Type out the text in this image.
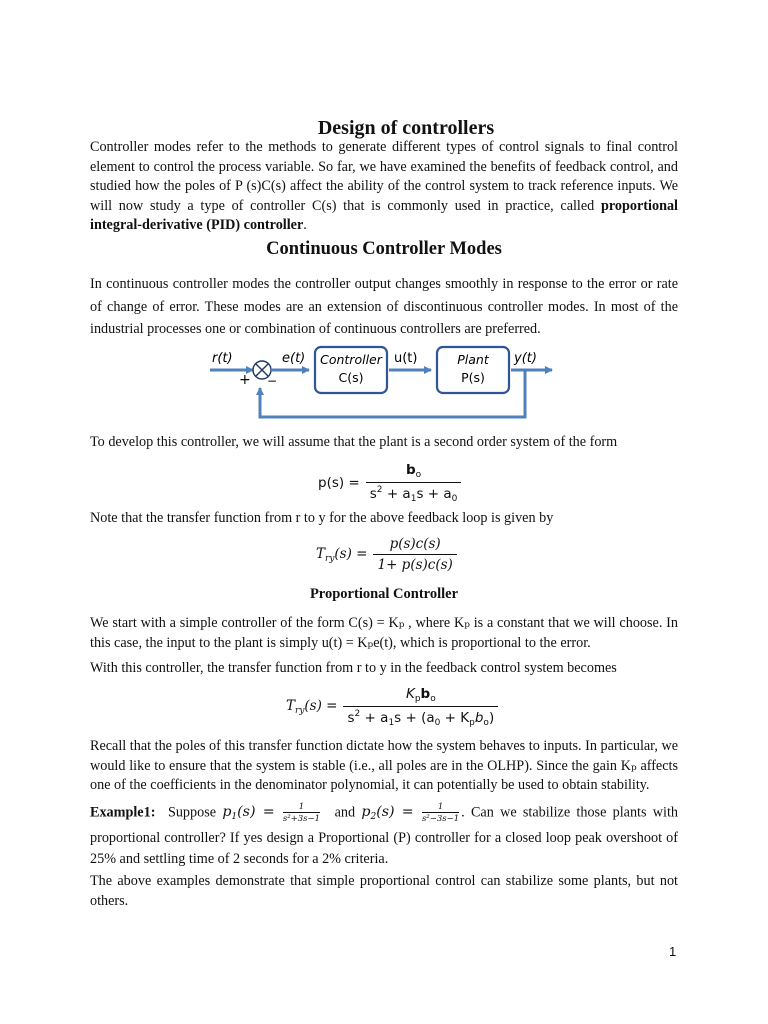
Design of controllers

Controller modes refer to the methods to generate different types of control signals to final control element to control the process variable. So far, we have examined the benefits of feedback control, and studied how the poles of P (s)C(s) affect the ability of the control system to track reference inputs. We will now study a type of controller C(s) that is commonly used in practice, called proportional integral-derivative (PID) controller.

Continuous Controller Modes

In continuous controller modes the controller output changes smoothly in response to the error or rate of change of error. These modes are an extension of discontinuous controller modes. In most of the industrial processes one or combination of continuous controllers are preferred.

r(t)
+ −
e(t) Controller
C(s)
u(t)	Plant
P(s)
y(t)

To develop this controller, we will assume that the plant is a second order system of the form

$p(s) = \frac{b_o}{s^2 + a_1s + a_0}$

Note that the transfer function from r to y for the above feedback loop is given by

$T_{ry}(s) = \frac{p(s)c(s)}{1+ p(s)c(s)}$
Proportional Controller

We start with a simple controller of the form C(s) = Kₚ , where Kₚ is a constant that we will choose. In this case, the input to the plant is simply u(t) = Kₚe(t), which is proportional to the error.

With this controller, the transfer function from r to y in the feedback control system becomes

$T_{ry}(s) = \frac{K_pb_o}{s^2 + a_1s + (a_0 + K_pb_o)}$

Recall that the poles of this transfer function dictate how the system behaves to inputs. In particular, we would like to ensure that the system is stable (i.e., all poles are in the OLHP). Since the gain Kₚ affects one of the coefficients in the denominator polynomial, it can potentially be used to obtain stability.

Example1: Suppose $p_1(s) = \frac{1}{\text{s²+3s−1}}$ and $p_2(s) = \frac{1}{\text{s²−3s−1}}$ . Can we stabilize those plants with proportional controller? If yes design a Proportional (P) controller for a closed loop peak overshoot of 25% and settling time of 2 seconds for a 2% criteria.

The above examples demonstrate that simple proportional control can stabilize some plants, but not others.

1
